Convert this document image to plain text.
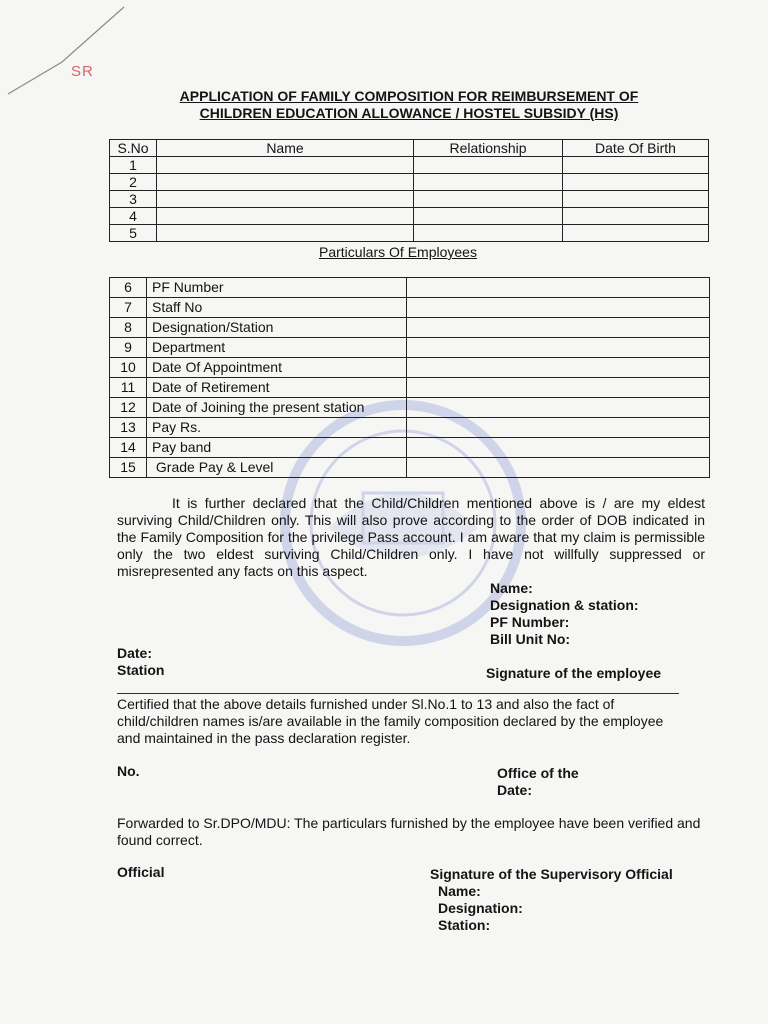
SR
APPLICATION OF FAMILY COMPOSITION FOR REIMBURSEMENT OF
CHILDREN EDUCATION ALLOWANCE / HOSTEL SUBSIDY (HS)
S.No	Name	Relationship	Date Of Birth
1			
2			
3			
4			
5			
Particulars Of Employees
6	PF Number	
7	Staff No	
8	Designation/Station	
9	Department	
10	Date Of Appointment	
11	Date of Retirement	
12	Date of Joining the present station	
13	Pay Rs.	
14	Pay band	
15	Grade Pay & Level	

It is further declared that the Child/Children mentioned above is / are my eldest surviving Child/Children only. This will also prove according to the order of DOB indicated in the Family Composition for the privilege Pass account. I am aware that my claim is permissible only the two eldest surviving Child/Children only. I have not willfully suppressed or misrepresented any facts on this aspect.

Name:
Designation & station:
PF Number:
Bill Unit No:
Date:
Station	Signature of the employee

Certified that the above details furnished under Sl.No.1 to 13 and also the fact of child/children names is/are available in the family composition declared by the employee and maintained in the pass declaration register.

No.	Office of the
Date:

Forwarded to Sr.DPO/MDU: The particulars furnished by the employee have been verified and found correct.

Official	Signature of the Supervisory Official
Name:
Designation:
Station:
